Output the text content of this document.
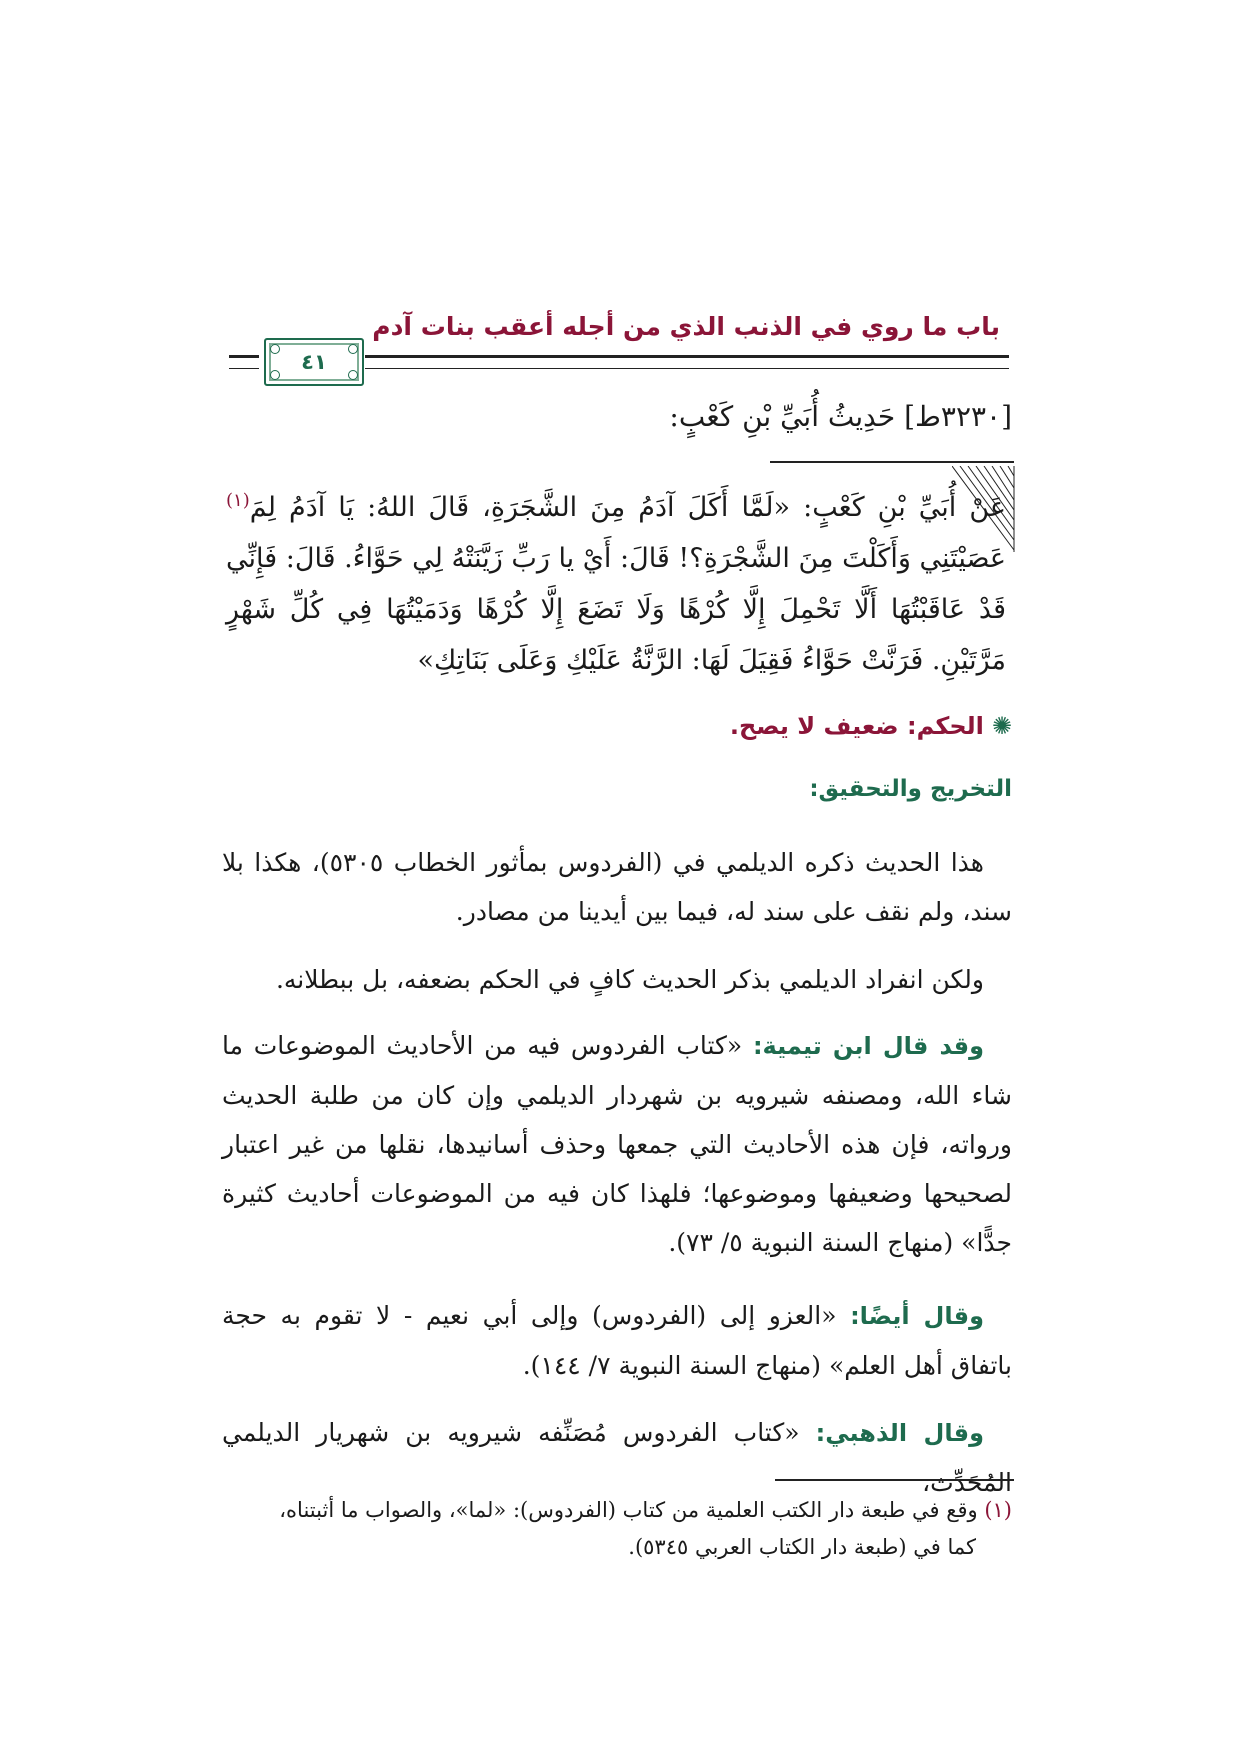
باب ما روي في الذنب الذي من أجله أعقب بنات آدم
٤١
[٣٢٣٠ط] حَدِيثُ أُبَيِّ بْنِ كَعْبٍ:
عَنْ أُبَيِّ بْنِ كَعْبٍ: «لَمَّا أَكَلَ آدَمُ مِنَ الشَّجَرَةِ، قَالَ اللهُ: يَا آدَمُ لِمَ$^{(١)}$ عَصَيْتَنِي وَأَكَلْتَ مِنَ الشَّجْرَةِ؟! قَالَ: أَيْ يا رَبِّ زَيَّنَتْهُ لِي حَوَّاءُ. قَالَ: فَإِنِّي قَدْ عَاقَبْتُهَا أَلَّا تَحْمِلَ إِلَّا كُرْهًا وَلَا تَضَعَ إِلَّا كُرْهًا وَدَمَيْتُهَا فِي كُلِّ شَهْرٍ مَرَّتَيْنِ. فَرَنَّتْ حَوَّاءُ فَقِيَلَ لَهَا: الرَّنَّةُ عَلَيْكِ وَعَلَى بَنَاتِكِ»
✺
الحكم: ضعيف لا يصح.
التخريج والتحقيق:
هذا الحديث ذكره الديلمي في (الفردوس بمأثور الخطاب ٥٣٠٥)، هكذا بلا سند، ولم نقف على سند له، فيما بين أيدينا من مصادر.
ولكن انفراد الديلمي بذكر الحديث كافٍ في الحكم بضعفه، بل ببطلانه.
وقد قال ابن تيمية: «كتاب الفردوس فيه من الأحاديث الموضوعات ما شاء الله، ومصنفه شيرويه بن شهردار الديلمي وإن كان من طلبة الحديث ورواته، فإن هذه الأحاديث التي جمعها وحذف أسانيدها، نقلها من غير اعتبار لصحيحها وضعيفها وموضوعها؛ فلهذا كان فيه من الموضوعات أحاديث كثيرة جدًّا» (منهاج السنة النبوية ٥/ ٧٣).
وقال أيضًا: «العزو إلى (الفردوس) وإلى أبي نعيم - لا تقوم به حجة باتفاق أهل العلم» (منهاج السنة النبوية ٧/ ١٤٤).
وقال الذهبي: «كتاب الفردوس مُصَنِّفه شيرويه بن شهريار الديلمي المُحَدِّث،
(١) وقع في طبعة دار الكتب العلمية من كتاب (الفردوس): «لما»، والصواب ما أثبتناه،
كما في (طبعة دار الكتاب العربي ٥٣٤٥).
